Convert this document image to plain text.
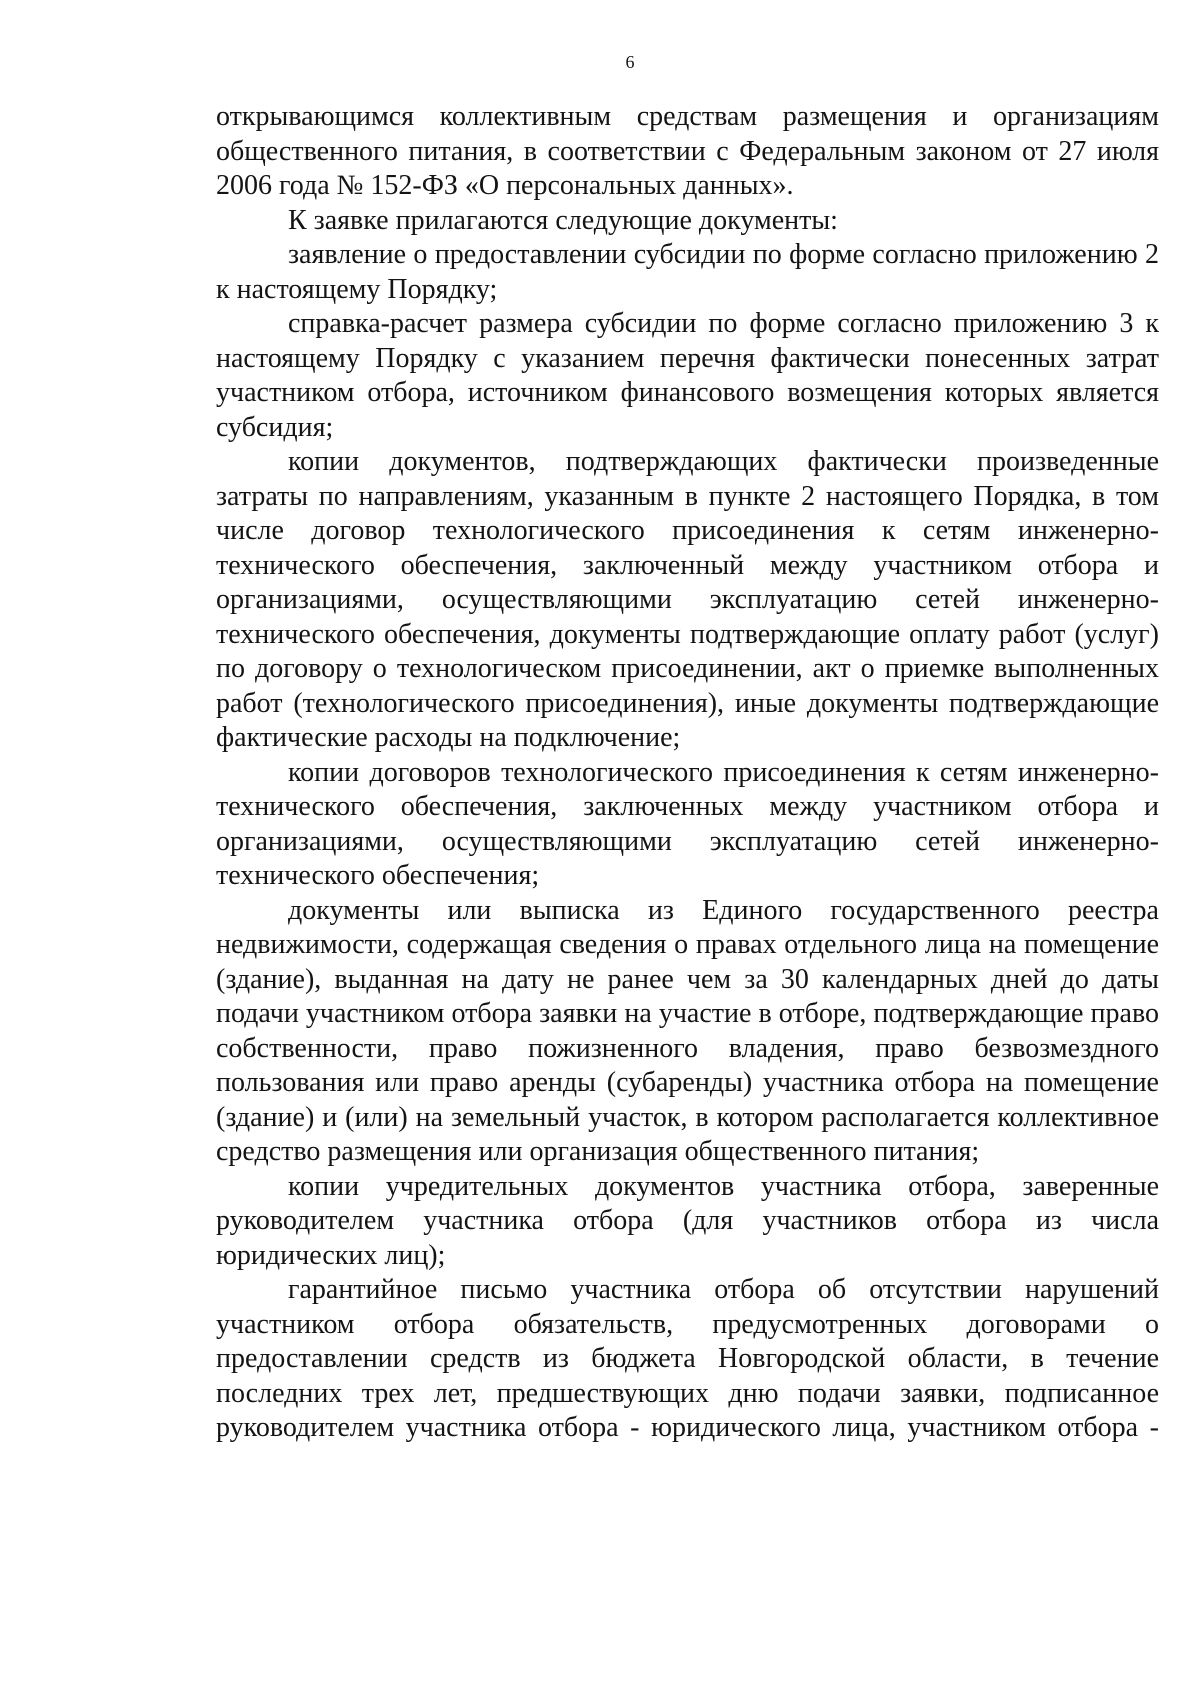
6

открывающимся коллективным средствам размещения и организациям общественного питания, в соответствии с Федеральным законом от 27 июля 2006 года № 152-ФЗ «О персональных данных».

К заявке прилагаются следующие документы:

заявление о предоставлении субсидии по форме согласно приложению 2 к настоящему Порядку;

справка-расчет размера субсидии по форме согласно приложению 3 к настоящему Порядку с указанием перечня фактически понесенных затрат участником отбора, источником финансового возмещения которых является субсидия;

копии документов, подтверждающих фактически произведенные затраты по направлениям, указанным в пункте 2 настоящего Порядка, в том числе договор технологического присоединения к сетям инженерно-технического обеспечения, заключенный между участником отбора и организациями, осуществляющими эксплуатацию сетей инженерно-технического обеспечения, документы подтверждающие оплату работ (услуг) по договору о технологическом присоединении, акт о приемке выполненных работ (технологического присоединения), иные документы подтверждающие фактические расходы на подключение;

копии договоров технологического присоединения к сетям инженерно-технического обеспечения, заключенных между участником отбора и организациями, осуществляющими эксплуатацию сетей инженерно-технического обеспечения;

документы или выписка из Единого государственного реестра недвижимости, содержащая сведения о правах отдельного лица на помещение (здание), выданная на дату не ранее чем за 30 календарных дней до даты подачи участником отбора заявки на участие в отборе, подтверждающие право собственности, право пожизненного владения, право безвозмездного пользования или право аренды (субаренды) участника отбора на помещение (здание) и (или) на земельный участок, в котором располагается коллективное средство размещения или организация общественного питания;

копии учредительных документов участника отбора, заверенные руководителем участника отбора (для участников отбора из числа юридических лиц);

гарантийное письмо участника отбора об отсутствии нарушений участником отбора обязательств, предусмотренных договорами о предоставлении средств из бюджета Новгородской области, в течение последних трех лет, предшествующих дню подачи заявки, подписанное руководителем участника отбора - юридического лица, участником отбора -
